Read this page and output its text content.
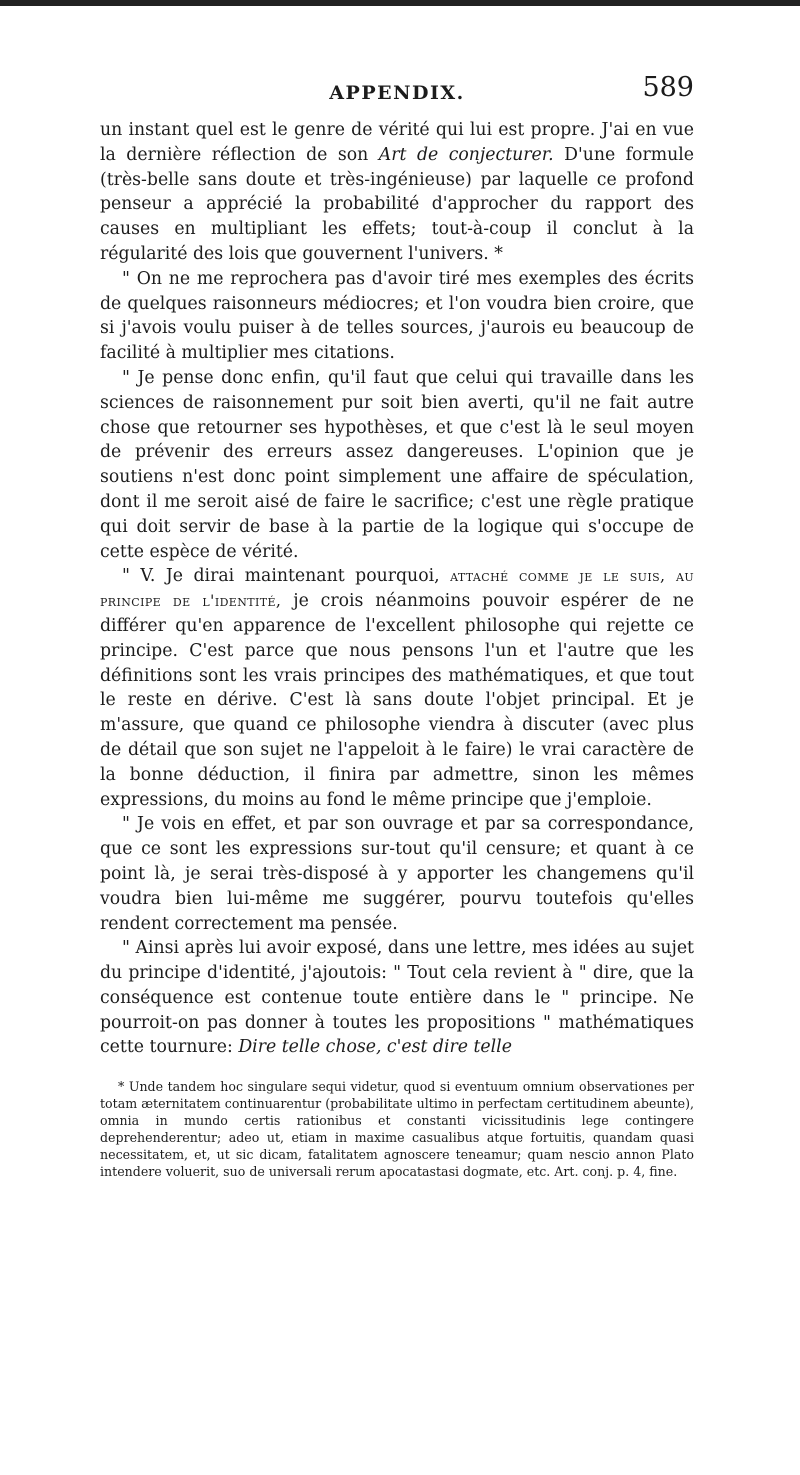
APPENDIX.	589

un instant quel est le genre de vérité qui lui est propre. J'ai en vue la dernière réflection de son Art de conjecturer. D'une formule (très-belle sans doute et très-ingénieuse) par laquelle ce profond penseur a apprécié la probabilité d'approcher du rapport des causes en multipliant les effets; tout-à-coup il conclut à la régularité des lois que gouvernent l'univers. *

" On ne me reprochera pas d'avoir tiré mes exemples des écrits de quelques raisonneurs médiocres; et l'on voudra bien croire, que si j'avois voulu puiser à de telles sources, j'aurois eu beaucoup de facilité à multiplier mes citations.

" Je pense donc enfin, qu'il faut que celui qui travaille dans les sciences de raisonnement pur soit bien averti, qu'il ne fait autre chose que retourner ses hypothèses, et que c'est là le seul moyen de prévenir des erreurs assez dangereuses. L'opinion que je soutiens n'est donc point simplement une affaire de spéculation, dont il me seroit aisé de faire le sacrifice; c'est une règle pratique qui doit servir de base à la partie de la logique qui s'occupe de cette espèce de vérité.

" V. Je dirai maintenant pourquoi, attaché comme je le suis, au principe de l'identité, je crois néanmoins pouvoir espérer de ne différer qu'en apparence de l'excellent philosophe qui rejette ce principe. C'est parce que nous pensons l'un et l'autre que les définitions sont les vrais principes des mathématiques, et que tout le reste en dérive. C'est là sans doute l'objet principal. Et je m'assure, que quand ce philosophe viendra à discuter (avec plus de détail que son sujet ne l'appeloit à le faire) le vrai caractère de la bonne déduction, il finira par admettre, sinon les mêmes expressions, du moins au fond le même principe que j'emploie.

" Je vois en effet, et par son ouvrage et par sa correspondance, que ce sont les expressions sur-tout qu'il censure; et quant à ce point là, je serai très-disposé à y apporter les changemens qu'il voudra bien lui-même me suggérer, pourvu toutefois qu'elles rendent correctement ma pensée.

" Ainsi après lui avoir exposé, dans une lettre, mes idées au sujet du principe d'identité, j'ajoutois: " Tout cela revient à " dire, que la conséquence est contenue toute entière dans le " principe. Ne pourroit-on pas donner à toutes les propositions " mathématiques cette tournure: Dire telle chose, c'est dire telle

* Unde tandem hoc singulare sequi videtur, quod si eventuum omnium observationes per totam æternitatem continuarentur (probabilitate ultimo in perfectam certitudinem abeunte), omnia in mundo certis rationibus et constanti vicissitudinis lege contingere deprehenderentur; adeo ut, etiam in maxime casualibus atque fortuitis, quandam quasi necessitatem, et, ut sic dicam, fatalitatem agnoscere teneamur; quam nescio annon Plato intendere voluerit, suo de universali rerum apocatastasi dogmate, etc. Art. conj. p. 4, fine.
